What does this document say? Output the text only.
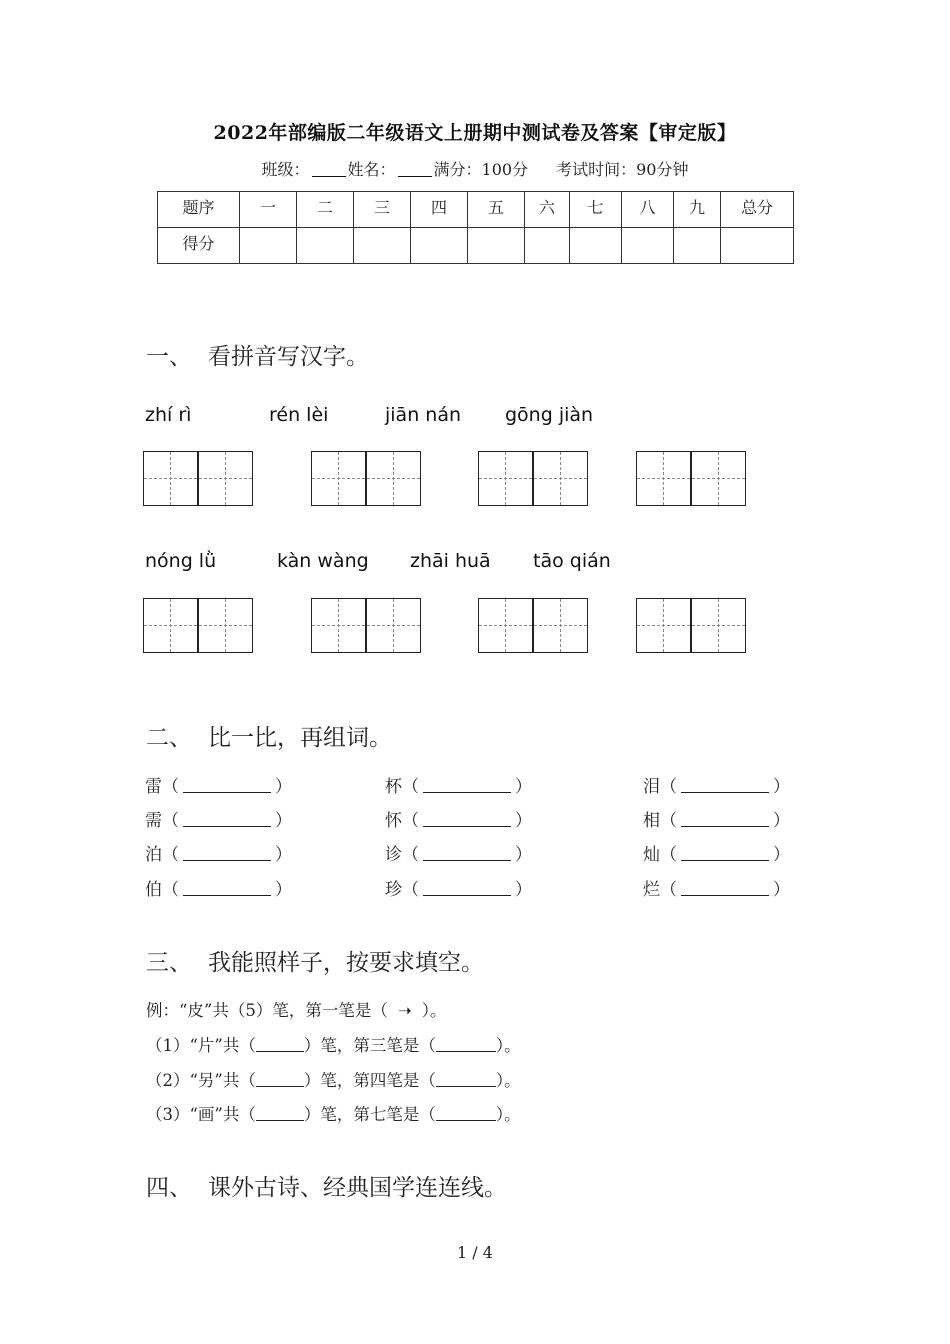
2022年部编版二年级语文上册期中测试卷及答案【审定版】
班级： 姓名： 满分：100分 考试时间：90分钟
题序	一	二	三	四	五	六	七	八	九	总分
得分										
一、 看拼音写汉字。
zhí rì	rén lèi	jiān nán gōng jiàn
nóng lǜ	kàn wàng zhāi huā tāo qián
二、 比一比，再组词。
雷（	）	杯（	）	泪（	）
需（	）	怀（	）	相（	）
泊（	）	诊（	）	灿（	）
伯（	）	珍（	）	烂（	）
三、 我能照样子，按要求填空。
例：“皮”共（5）笔，第一笔是（ ➝ ）。
（1）“片”共（	）笔，第三笔是（	）。
（2）“另”共（	）笔，第四笔是（	）。
（3）“画”共（	）笔，第七笔是（	）。
四、 课外古诗、经典国学连连线。
1 / 4
